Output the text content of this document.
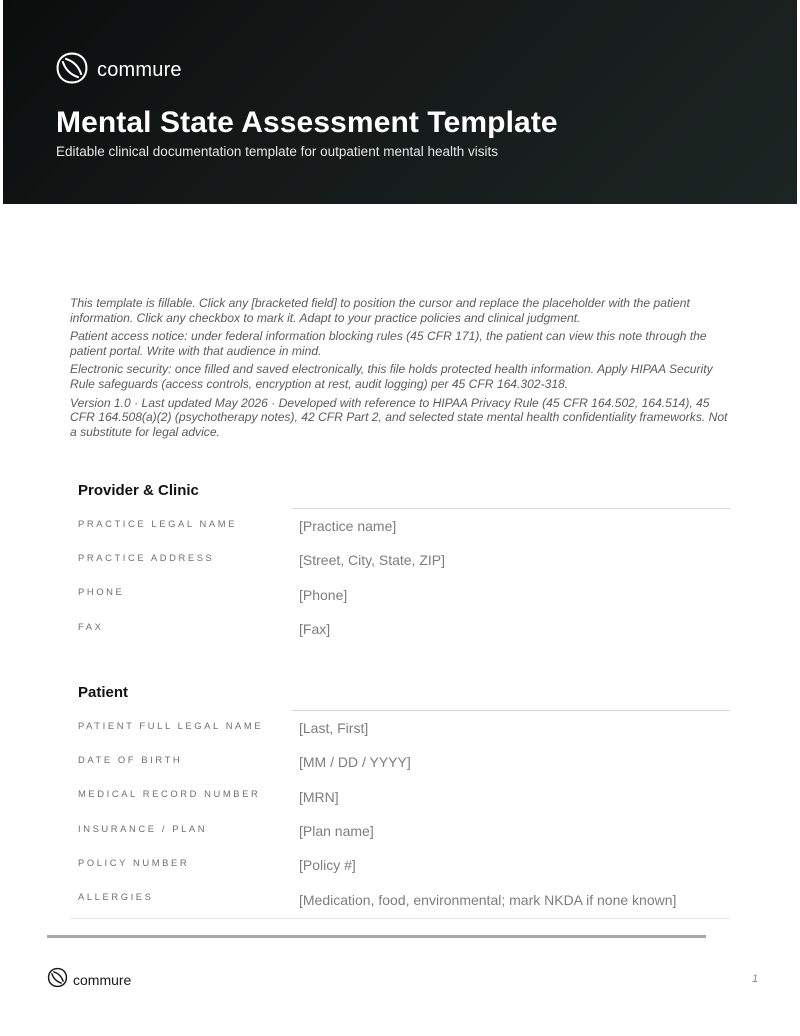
commure
Mental State Assessment Template

Editable clinical documentation template for outpatient mental health visits

This template is fillable. Click any [bracketed field] to position the cursor and replace the placeholder with the patient information. Click any checkbox to mark it. Adapt to your practice policies and clinical judgment.

Patient access notice: under federal information blocking rules (45 CFR 171), the patient can view this note through the patient portal. Write with that audience in mind.

Electronic security: once filled and saved electronically, this file holds protected health information. Apply HIPAA Security Rule safeguards (access controls, encryption at rest, audit logging) per 45 CFR 164.302-318.

Version 1.0 · Last updated May 2026 · Developed with reference to HIPAA Privacy Rule (45 CFR 164.502, 164.514), 45 CFR 164.508(a)(2) (psychotherapy notes), 42 CFR Part 2, and selected state mental health confidentiality frameworks. Not a substitute for legal advice.

Provider & Clinic
PRACTICE LEGAL NAME	[Practice name]
PRACTICE ADDRESS	[Street, City, State, ZIP]
PHONE	[Phone]
FAX	[Fax]
Patient
PATIENT FULL LEGAL NAME	[Last, First]
DATE OF BIRTH	[MM / DD / YYYY]
MEDICAL RECORD NUMBER	[MRN]
INSURANCE / PLAN	[Plan name]
POLICY NUMBER	[Policy #]
ALLERGIES	[Medication, food, environmental; mark NKDA if none known]
commure	1
